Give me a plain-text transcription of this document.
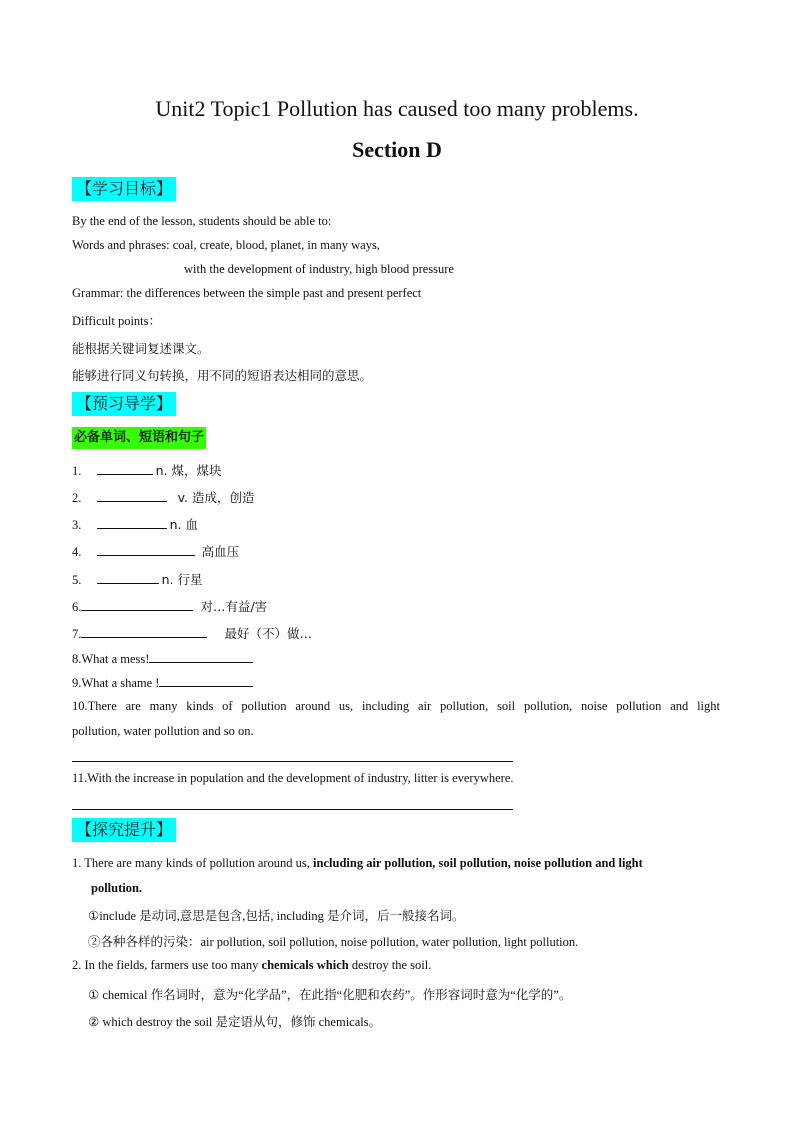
Unit2 Topic1 Pollution has caused too many problems.
Section D
【学习目标】
By the end of the lesson, students should be able to:
Words and phrases: coal, create, blood, planet, in many ways,
with the development of industry, high blood pressure
Grammar: the differences between the simple past and present perfect
Difficult points：
能根据关键词复述课文。
能够进行同义句转换，用不同的短语表达相同的意思。
【预习导学】
必备单词、短语和句子
1.	n. 煤，煤块
2.	v. 造成，创造
3.	n. 血
4.	高血压
5.	n. 行星
6.	对…有益/害
7.	最好（不）做…
8.What a mess!
9.What a shame !
10.There are many kinds of pollution around us, including air pollution, soil pollution, noise pollution and light
pollution, water pollution and so on.
11.With the increase in population and the development of industry, litter is everywhere.
【探究提升】
1. There are many kinds of pollution around us, including air pollution, soil pollution, noise pollution and light
pollution.
①include 是动词,意思是包含,包括, including 是介词，后一般接名词。
②各种各样的污染：air pollution, soil pollution, noise pollution, water pollution, light pollution.
2. In the fields, farmers use too many chemicals which destroy the soil.
① chemical 作名词时，意为“化学品”，在此指“化肥和农药”。作形容词时意为“化学的”。
② which destroy the soil 是定语从句，修饰 chemicals。
